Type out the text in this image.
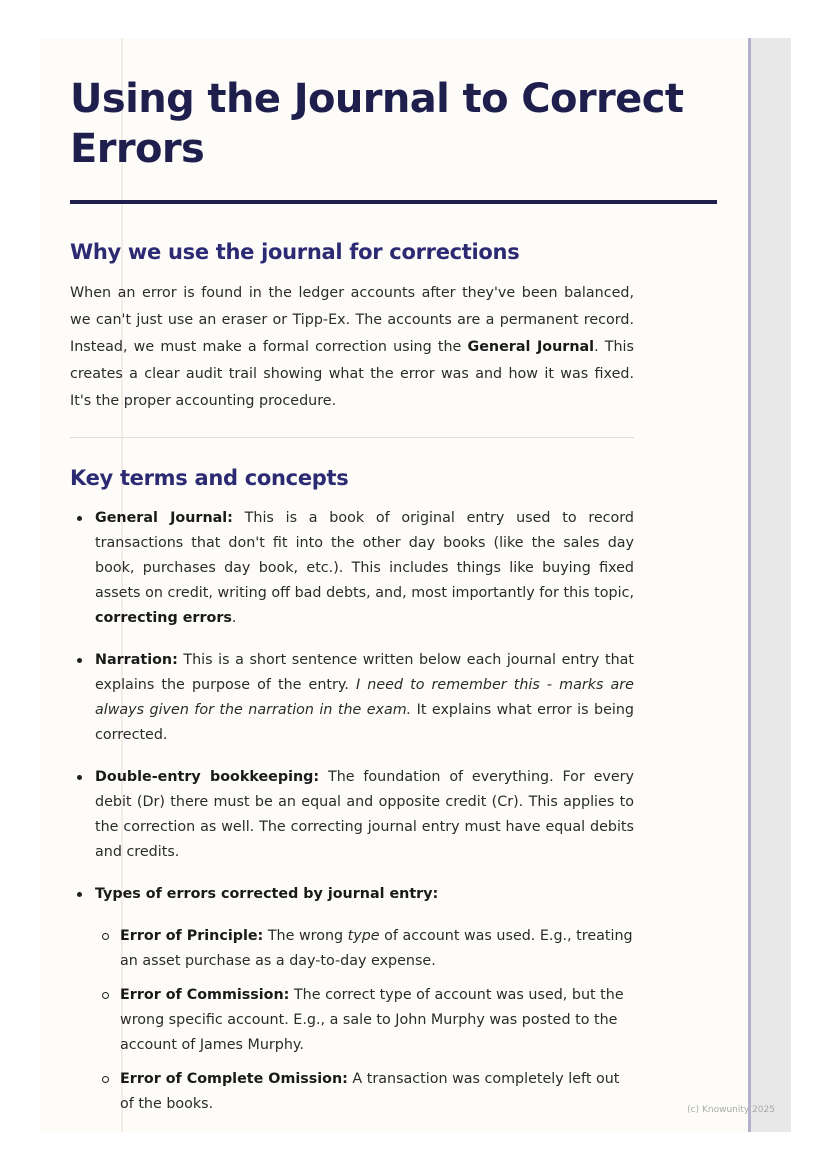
Using the Journal to Correct Errors
Why we use the journal for corrections

When an error is found in the ledger accounts after they've been balanced, we can't just use an eraser or Tipp-Ex. The accounts are a permanent record. Instead, we must make a formal correction using the General Journal. This creates a clear audit trail showing what the error was and how it was fixed. It's the proper accounting procedure.

Key terms and concepts
General Journal: This is a book of original entry used to record transactions that don't fit into the other day books (like the sales day book, purchases day book, etc.). This includes things like buying fixed assets on credit, writing off bad debts, and, most importantly for this topic, correcting errors.
Narration: This is a short sentence written below each journal entry that explains the purpose of the entry. I need to remember this - marks are always given for the narration in the exam. It explains what error is being corrected.
Double-entry bookkeeping: The foundation of everything. For every debit (Dr) there must be an equal and opposite credit (Cr). This applies to the correction as well. The correcting journal entry must have equal debits and credits.
Types of errors corrected by journal entry:
Error of Principle: The wrong type of account was used. E.g., treating an asset purchase as a day-to-day expense.
Error of Commission: The correct type of account was used, but the wrong specific account. E.g., a sale to John Murphy was posted to the account of James Murphy.
Error of Complete Omission: A transaction was completely left out of the books.	(c) Knowunity 2025
